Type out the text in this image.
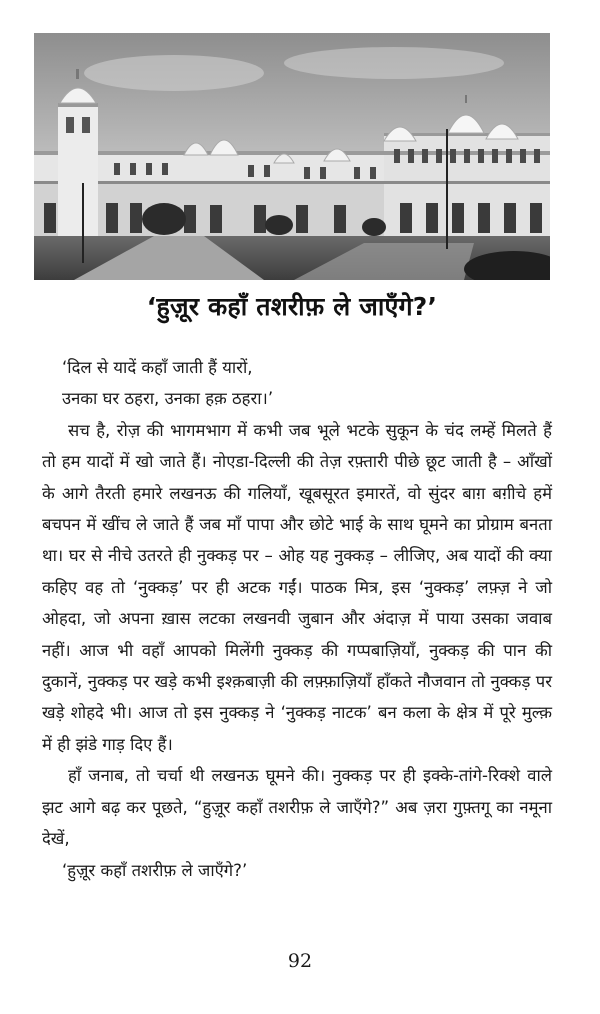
‘हुज़ूर कहाँ तशरीफ़ ले जाएँगे?’

‘दिल से यादें कहाँ जाती हैं यारों,

उनका घर ठहरा, उनका हक़ ठहरा।’

सच है, रोज़ की भागमभाग में कभी जब भूले भटके सुकून के चंद लम्हें मिलते हैं तो हम यादों में खो जाते हैं। नोएडा-दिल्ली की तेज़ रफ़्तारी पीछे छूट जाती है – आँखों के आगे तैरती हमारे लखनऊ की गलियाँ, खूबसूरत इमारतें, वो सुंदर बाग़ बग़ीचे हमें बचपन में खींच ले जाते हैं जब माँ पापा और छोटे भाई के साथ घूमने का प्रोग्राम बनता था। घर से नीचे उतरते ही नुक्कड़ पर – ओह यह नुक्कड़ – लीजिए, अब यादों की क्या कहिए वह तो ‘नुक्कड़’ पर ही अटक गईं। पाठक मित्र, इस ‘नुक्कड़’ लफ़्ज़ ने जो ओहदा, जो अपना ख़ास लटका लखनवी जुबान और अंदाज़ में पाया उसका जवाब नहीं। आज भी वहाँ आपको मिलेंगी नुक्कड़ की गप्पबाज़ियाँ, नुक्कड़ की पान की दुकानें, नुक्कड़ पर खड़े कभी इश्क़बाज़ी की लफ़्फ़ाज़ियाँ हाँकते नौजवान तो नुक्कड़ पर खड़े शोहदे भी। आज तो इस नुक्कड़ ने ‘नुक्कड़ नाटक’ बन कला के क्षेत्र में पूरे मुल्क़ में ही झंडे गाड़ दिए हैं।

हाँ जनाब, तो चर्चा थी लखनऊ घूमने की। नुक्कड़ पर ही इक्के-तांगे-रिक्शे वाले झट आगे बढ़ कर पूछते, “हुज़ूर कहाँ तशरीफ़ ले जाएँगे?” अब ज़रा गुफ़्तगू का नमूना देखें,

‘हुज़ूर कहाँ तशरीफ़ ले जाएँगे?’

92
